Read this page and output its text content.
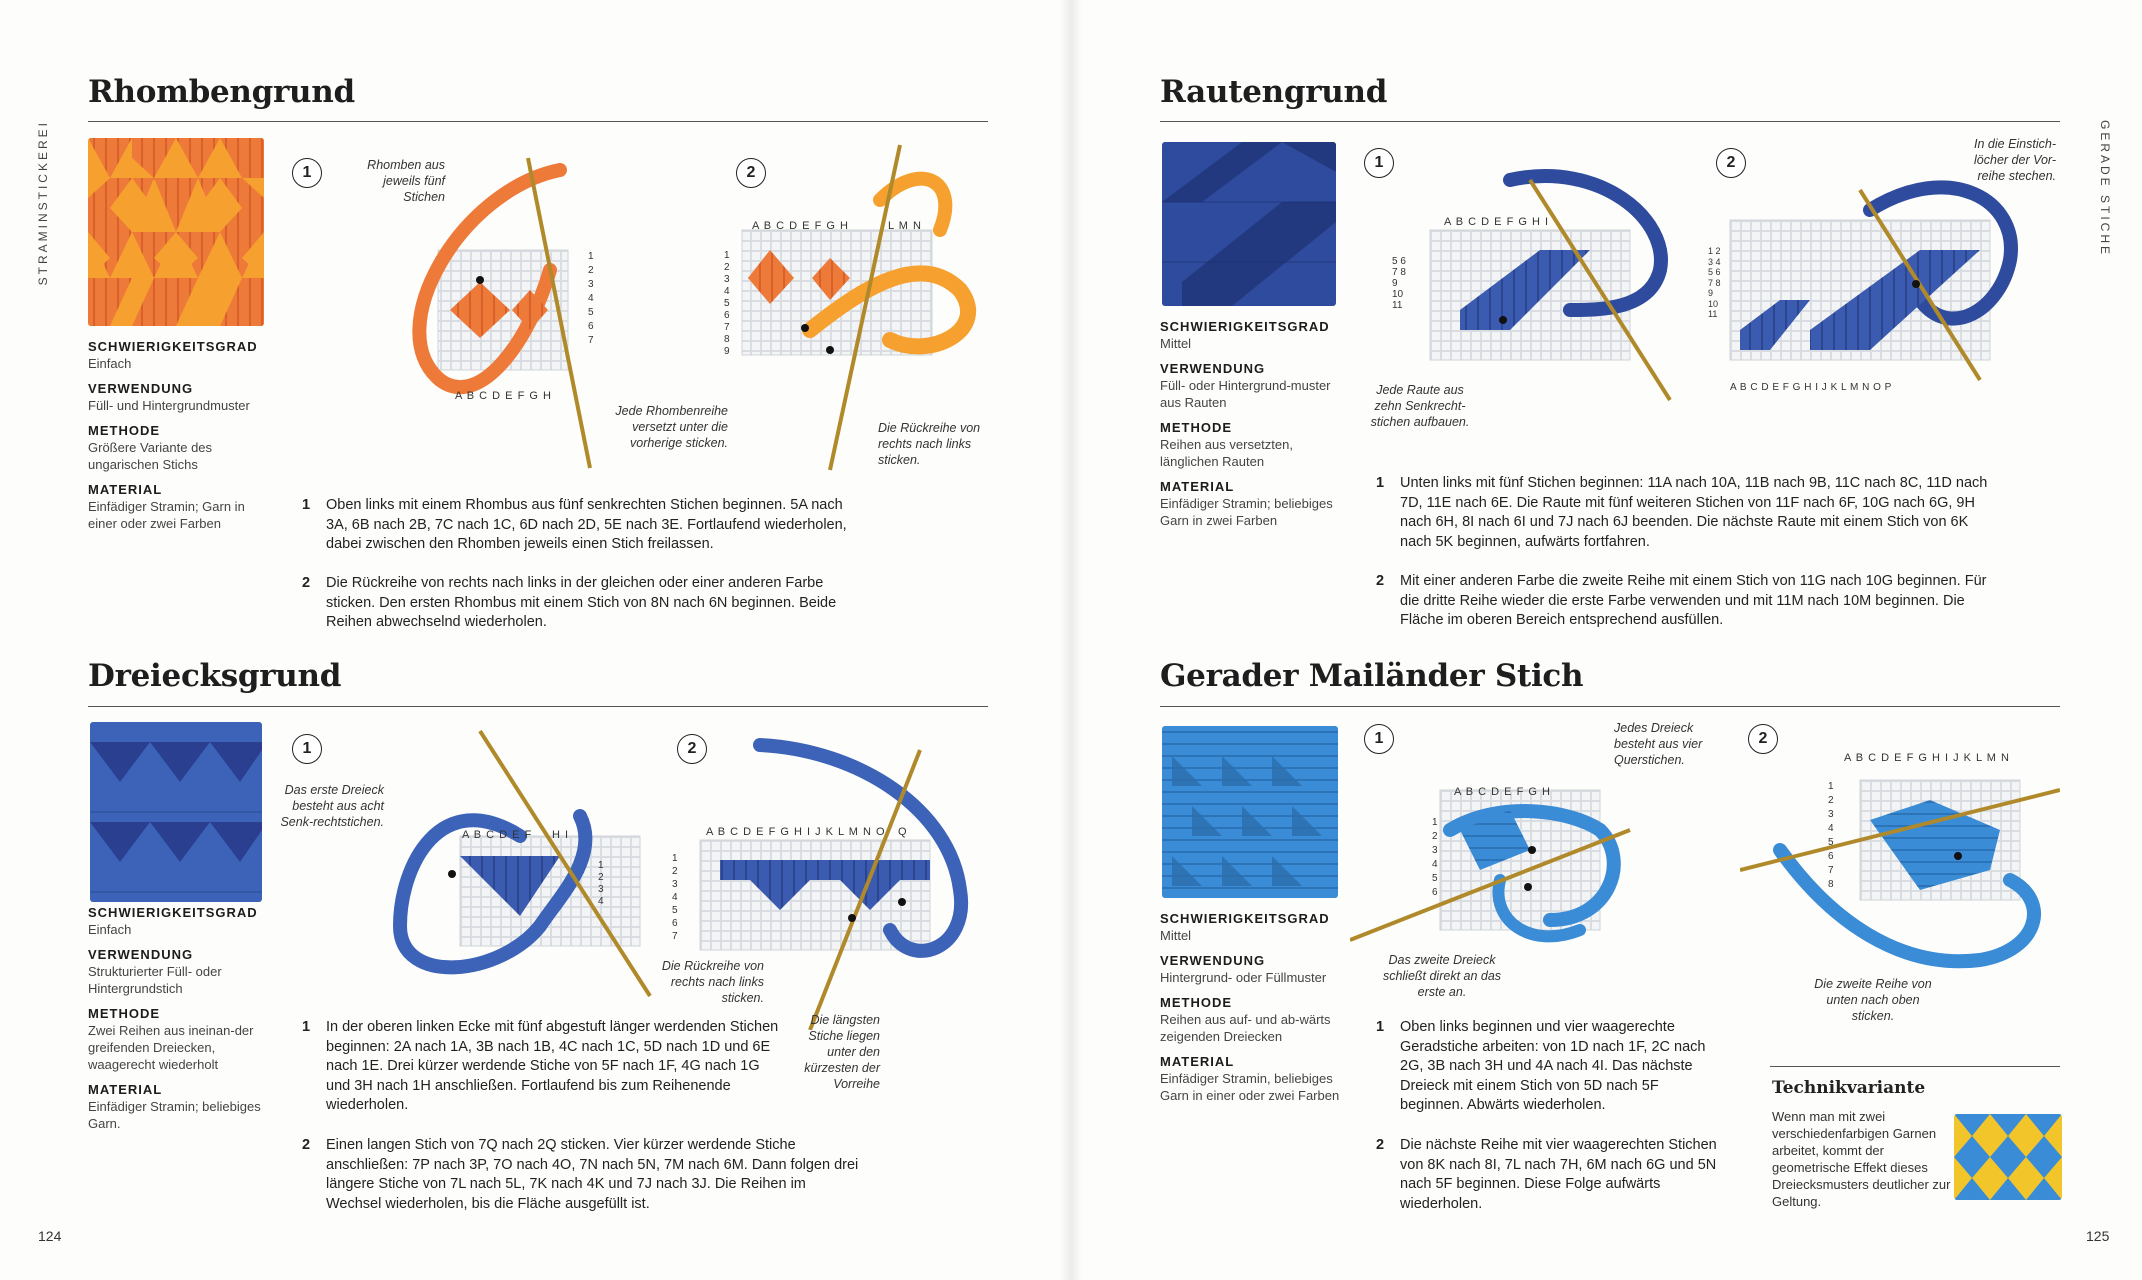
STRAMINSTICKEREI	GERADE STICHE
124	125
Rhombengrund
SCHWIERIGKEITSGRAD
Einfach
VERWENDUNG
Füll- und Hintergrundmuster
METHODE
Größere Variante des ungarischen Stichs
MATERIAL
Einfädiger Stramin; Garn in einer oder zwei Farben
1	2
Rhomben aus jeweils fünf Stichen
A B C D E F G H
1 2 3 4 5 6 7
A B C D E F G H	L M N
1 2 3 4 5 6 7 8 9
Jede Rhombenreihe versetzt unter die vorherige sticken.
Die Rückreihe von rechts nach links sticken.
1 Oben links mit einem Rhombus aus fünf senkrechten Stichen beginnen. 5A nach 3A, 6B nach 2B, 7C nach 1C, 6D nach 2D, 5E nach 3E. Fortlaufend wiederholen, dabei zwischen den Rhomben jeweils einen Stich freilassen.
2 Die Rückreihe von rechts nach links in der gleichen oder einer anderen Farbe sticken. Den ersten Rhombus mit einem Stich von 8N nach 6N beginnen. Beide Reihen abwechselnd wiederholen.
Dreiecksgrund
SCHWIERIGKEITSGRAD
Einfach
VERWENDUNG
Strukturierter Füll- oder Hintergrundstich
METHODE
Zwei Reihen aus ineinan-der greifenden Dreiecken, waagerecht wiederholt
MATERIAL
Einfädiger Stramin; beliebiges Garn.
1	2
Das erste Dreieck besteht aus acht Senk-rechtstichen.
A B C D E F H I
1 2 3 4
A B C D E F G H I J K L M N O Q
1 2 3 4 5 6 7
Die Rückreihe von rechts nach links sticken.
Die längsten Stiche liegen unter den kürzesten der Vorreihe
1 In der oberen linken Ecke mit fünf abgestuft länger werdenden Stichen beginnen: 2A nach 1A, 3B nach 1B, 4C nach 1C, 5D nach 1D und 6E nach 1E. Drei kürzer werdende Stiche von 5F nach 1F, 4G nach 1G und 3H nach 1H anschließen. Fortlaufend bis zum Reihenende wiederholen.
2 Einen langen Stich von 7Q nach 2Q sticken. Vier kürzer werdende Stiche anschließen: 7P nach 3P, 7O nach 4O, 7N nach 5N, 7M nach 6M. Dann folgen drei längere Stiche von 7L nach 5L, 7K nach 4K und 7J nach 3J. Die Reihen im Wechsel wiederholen, bis die Fläche ausgefüllt ist.
Rautengrund
SCHWIERIGKEITSGRAD
Mittel
VERWENDUNG
Füll- oder Hintergrund-muster aus Rauten
METHODE
Reihen aus versetzten, länglichen Rauten
MATERIAL
Einfädiger Stramin; beliebiges Garn in zwei Farben
1	2
A B C D E F G H I
5 6 7 8 9 10 11
Jede Raute aus zehn Senkrecht-stichen aufbauen.
A B C D E F G H I J K L M N O P
1 2 3 4 5 6 7 8 9 10 11
In die Einstich-löcher der Vor-reihe stechen.
1 Unten links mit fünf Stichen beginnen: 11A nach 10A, 11B nach 9B, 11C nach 8C, 11D nach 7D, 11E nach 6E. Die Raute mit fünf weiteren Stichen von 11F nach 6F, 10G nach 6G, 9H nach 6H, 8I nach 6I und 7J nach 6J beenden. Die nächste Raute mit einem Stich von 6K nach 5K beginnen, aufwärts fortfahren.
2 Mit einer anderen Farbe die zweite Reihe mit einem Stich von 11G nach 10G beginnen. Für die dritte Reihe wieder die erste Farbe verwenden und mit 11M nach 10M beginnen. Die Fläche im oberen Bereich entsprechend ausfüllen.
Gerader Mailänder Stich
SCHWIERIGKEITSGRAD
Mittel
VERWENDUNG
Hintergrund- oder Füllmuster
METHODE
Reihen aus auf- und ab-wärts zeigenden Dreiecken
MATERIAL
Einfädiger Stramin, beliebiges Garn in einer oder zwei Farben
1	2
A B C D E F G H
1 2 3 4 5 6
Jedes Dreieck besteht aus vier Querstichen.
Das zweite Dreieck schließt direkt an das erste an.
A B C D E F G H I J K L M N
1 2 3 4 5 6 7 8
Die zweite Reihe von unten nach oben sticken.
1 Oben links beginnen und vier waagerechte Geradstiche arbeiten: von 1D nach 1F, 2C nach 2G, 3B nach 3H und 4A nach 4I. Das nächste Dreieck mit einem Stich von 5D nach 5F beginnen. Abwärts wiederholen.
2 Die nächste Reihe mit vier waagerechten Stichen von 8K nach 8I, 7L nach 7H, 6M nach 6G und 5N nach 5F beginnen. Diese Folge aufwärts wiederholen.
Technikvariante

Wenn man mit zwei verschiedenfarbigen Garnen arbeitet, kommt der geometrische Effekt dieses Dreiecksmusters deutlicher zur Geltung.
